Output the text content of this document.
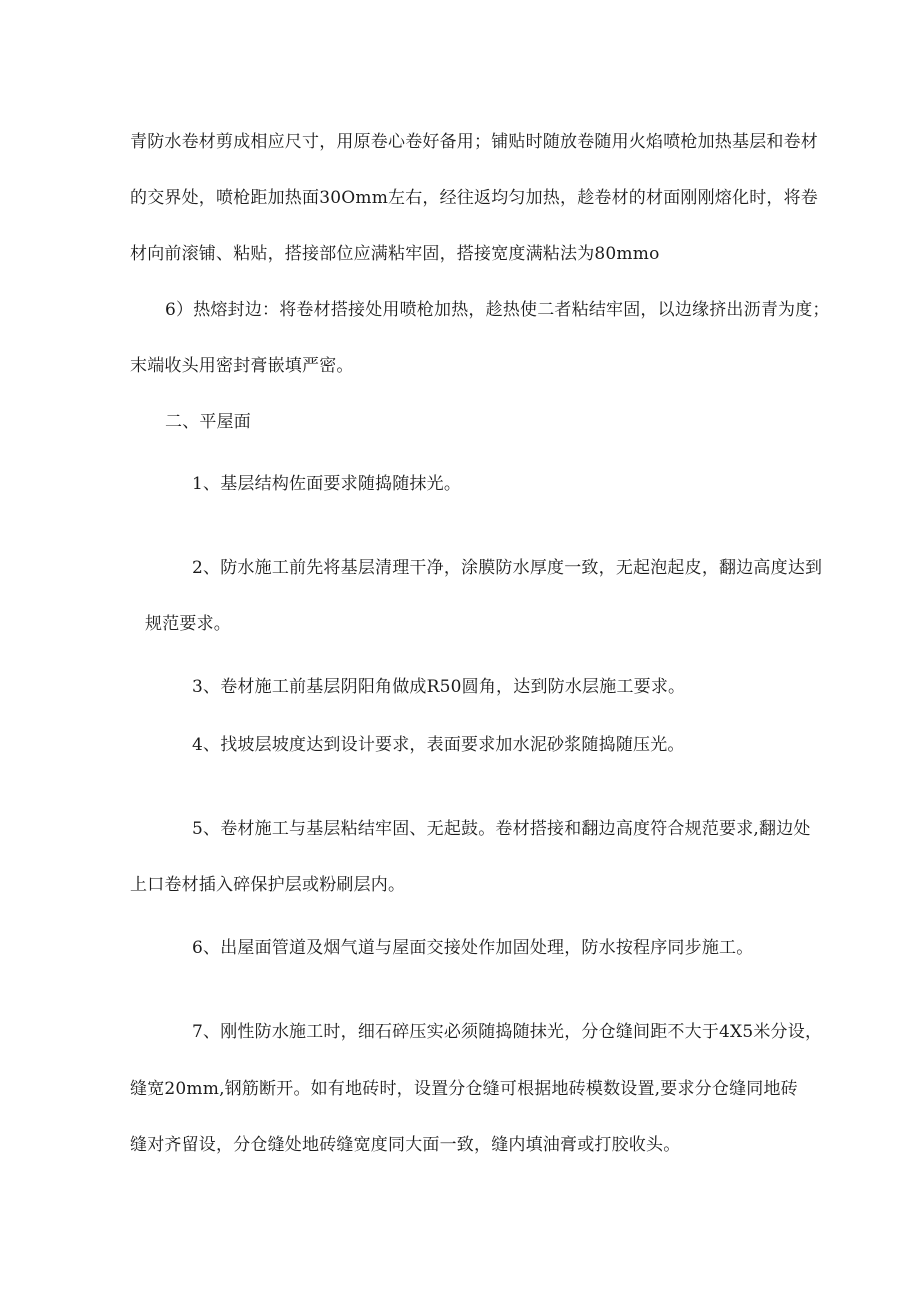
青防水卷材剪成相应尺寸，用原卷心卷好备用；铺贴时随放卷随用火焰喷枪加热基层和卷材

的交界处，喷枪距加热面30Omm左右，经往返均匀加热，趁卷材的材面刚刚熔化时，将卷

材向前滚铺、粘贴，搭接部位应满粘牢固，搭接宽度满粘法为80mmo

6）热熔封边：将卷材搭接处用喷枪加热，趁热使二者粘结牢固，以边缘挤出沥青为度；

末端收头用密封膏嵌填严密。

二、平屋面

1、基层结构佐面要求随捣随抹光。

2、防水施工前先将基层清理干净，涂膜防水厚度一致，无起泡起皮，翻边高度达到

规范要求。

3、卷材施工前基层阴阳角做成R50圆角，达到防水层施工要求。

4、找坡层坡度达到设计要求，表面要求加水泥砂浆随捣随压光。

5、卷材施工与基层粘结牢固、无起鼓。卷材搭接和翻边高度符合规范要求,翻边处

上口卷材插入碎保护层或粉刷层内。

6、出屋面管道及烟气道与屋面交接处作加固处理，防水按程序同步施工。

7、刚性防水施工时，细石碎压实必须随捣随抹光，分仓缝间距不大于4X5米分设，

缝宽20mm,钢筋断开。如有地砖时，设置分仓缝可根据地砖模数设置,要求分仓缝同地砖

缝对齐留设，分仓缝处地砖缝宽度同大面一致，缝内填油膏或打胶收头。
